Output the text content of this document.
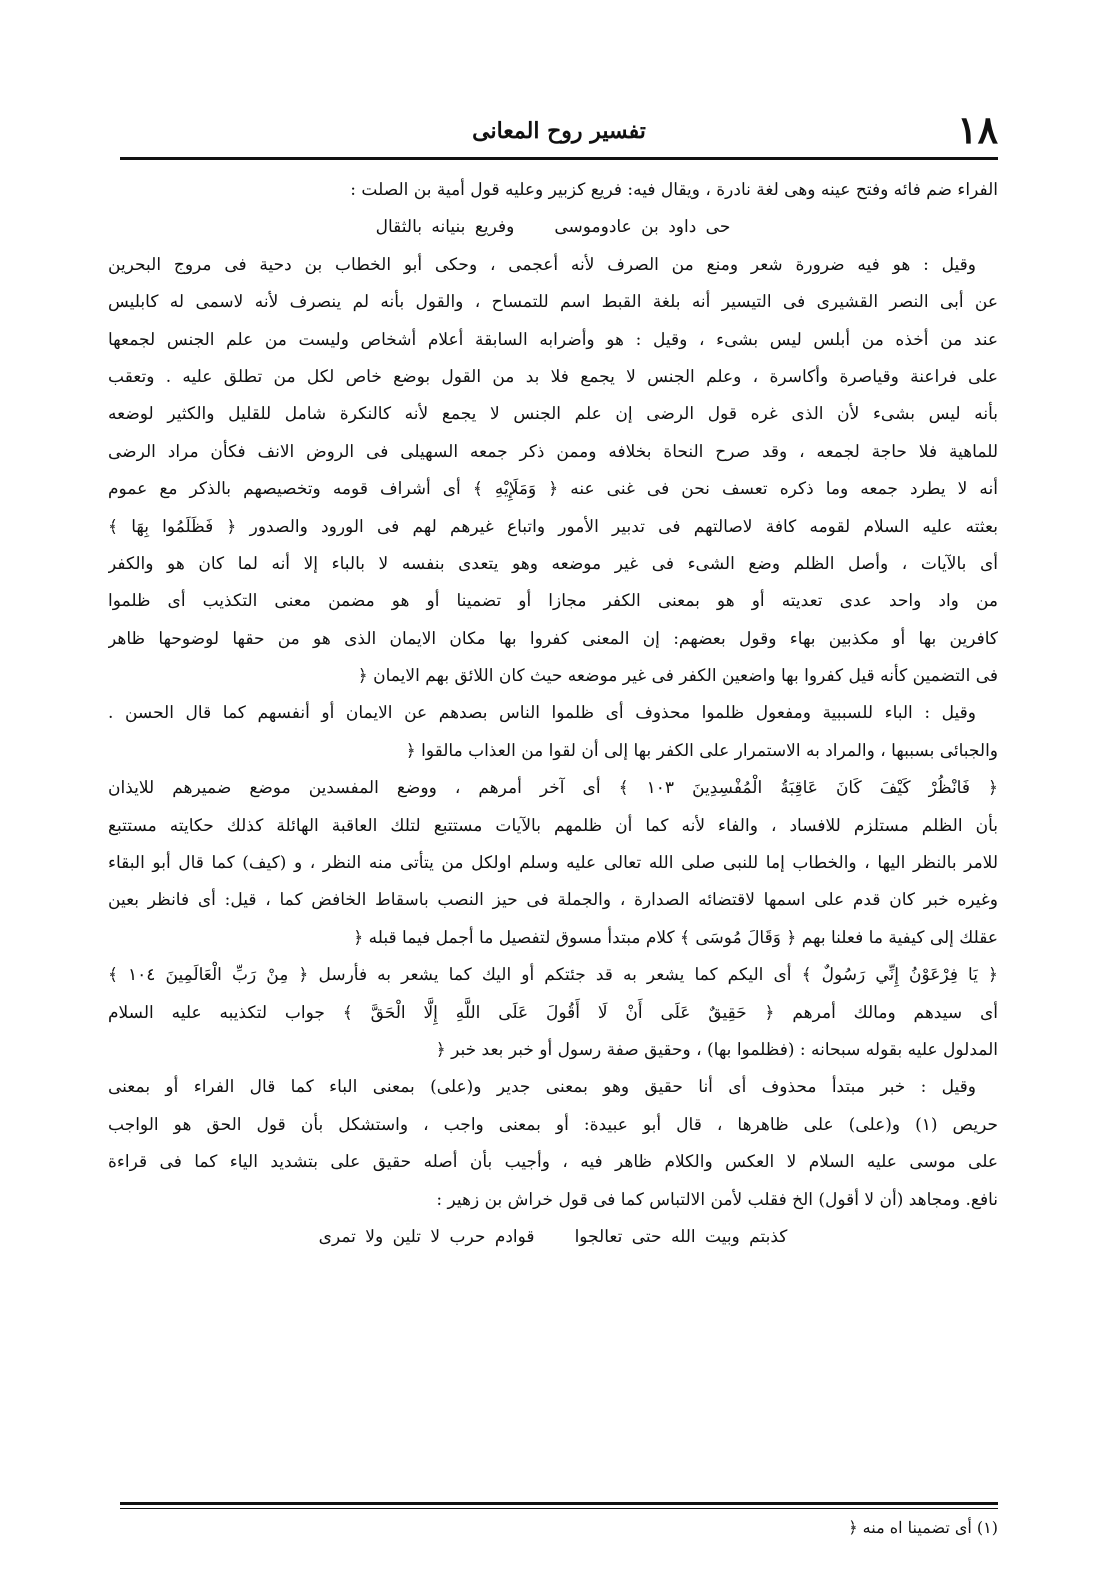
١٨
تفسير روح المعانى
الفراء ضم فائه وفتح عينه وهى لغة نادرة ، ويقال فيه: فريع كزبير وعليه قول أمية بن الصلت :
حى داود بن عادوموسىوفريع بنيانه بالثقال
وقيل : هو فيه ضرورة شعر ومنع من الصرف لأنه أعجمى ، وحكى أبو الخطاب بن دحية فى مروج البحرين
عن أبى النصر القشيرى فى التيسير أنه بلغة القبط اسم للتمساح ، والقول بأنه لم ينصرف لأنه لاسمى له كابليس
عند من أخذه من أبلس ليس بشىء ، وقيل : هو وأضرابه السابقة أعلام أشخاص وليست من علم الجنس لجمعها
على فراعنة وقياصرة وأكاسرة ، وعلم الجنس لا يجمع فلا بد من القول بوضع خاص لكل من تطلق عليه . وتعقب
بأنه ليس بشىء لأن الذى غره قول الرضى إن علم الجنس لا يجمع لأنه كالنكرة شامل للقليل والكثير لوضعه
للماهية فلا حاجة لجمعه ، وقد صرح النحاة بخلافه وممن ذكر جمعه السهيلى فى الروض الانف فكأن مراد الرضى
أنه لا يطرد جمعه وما ذكره تعسف نحن فى غنى عنه ﴿ وَمَلَإِيْهِ ﴾ أى أشراف قومه وتخصيصهم بالذكر مع عموم
بعثته عليه السلام لقومه كافة لاصالتهم فى تدبير الأمور واتباع غيرهم لهم فى الورود والصدور ﴿ فَظَلَمُوا بِهَا ﴾
أى بالآيات ، وأصل الظلم وضع الشىء فى غير موضعه وهو يتعدى بنفسه لا بالباء إلا أنه لما كان هو والكفر
من واد واحد عدى تعديته أو هو بمعنى الكفر مجازا أو تضمينا أو هو مضمن معنى التكذيب أى ظلموا
كافرين بها أو مكذبين بهاء وقول بعضهم: إن المعنى كفروا بها مكان الايمان الذى هو من حقها لوضوحها ظاهر
فى التضمين كأنه قيل كفروا بها واضعين الكفر فى غير موضعه حيث كان اللائق بهم الايمان ﴿
وقيل : الباء للسببية ومفعول ظلموا محذوف أى ظلموا الناس بصدهم عن الايمان أو أنفسهم كما قال الحسن .
والجبائى بسببها ، والمراد به الاستمرار على الكفر بها إلى أن لقوا من العذاب مالقوا ﴿
﴿ فَانْظُرْ كَيْفَ كَانَ عَاقِبَةُ الْمُفْسِدِينَ ١٠٣ ﴾ أى آخر أمرهم ، ووضع المفسدين موضع ضميرهم للايذان
بأن الظلم مستلزم للافساد ، والفاء لأنه كما أن ظلمهم بالآيات مستتبع لتلك العاقبة الهائلة كذلك حكايته مستتبع
للامر بالنظر اليها ، والخطاب إما للنبى صلى الله تعالى عليه وسلم اولكل من يتأتى منه النظر ، و (كيف) كما قال أبو البقاء
وغيره خبر كان قدم على اسمها لاقتضائه الصدارة ، والجملة فى حيز النصب باسقاط الخافض كما ، قيل: أى فانظر بعين
عقلك إلى كيفية ما فعلنا بهم ﴿ وَقَالَ مُوسَى ﴾ كلام مبتدأ مسوق لتفصيل ما أجمل فيما قبله ﴿
﴿ يَا فِرْعَوْنُ إِنِّي رَسُولٌ ﴾ أى اليكم كما يشعر به قد جئتكم أو اليك كما يشعر به فأرسل ﴿ مِنْ رَبِّ الْعَالَمِينَ ١٠٤ ﴾
أى سيدهم ومالك أمرهم ﴿ حَقِيقٌ عَلَى أَنْ لَا أَقُولَ عَلَى اللَّهِ إِلَّا الْحَقَّ ﴾ جواب لتكذيبه عليه السلام
المدلول عليه بقوله سبحانه : (فظلموا بها) ، وحقيق صفة رسول أو خبر بعد خبر ﴿
وقيل : خبر مبتدأ محذوف أى أنا حقيق وهو بمعنى جدير و(على) بمعنى الباء كما قال الفراء أو بمعنى
حريص (١) و(على) على ظاهرها ، قال أبو عبيدة: أو بمعنى واجب ، واستشكل بأن قول الحق هو الواجب
على موسى عليه السلام لا العكس والكلام ظاهر فيه ، وأجيب بأن أصله حقيق على بتشديد الياء كما فى قراءة
نافع. ومجاهد (أن لا أقول) الخ فقلب لأمن الالتباس كما فى قول خراش بن زهير :
كذبتم وبيت الله حتى تعالجواقوادم حرب لا تلين ولا تمرى
(١) أى تضمينا اه منه ﴿
